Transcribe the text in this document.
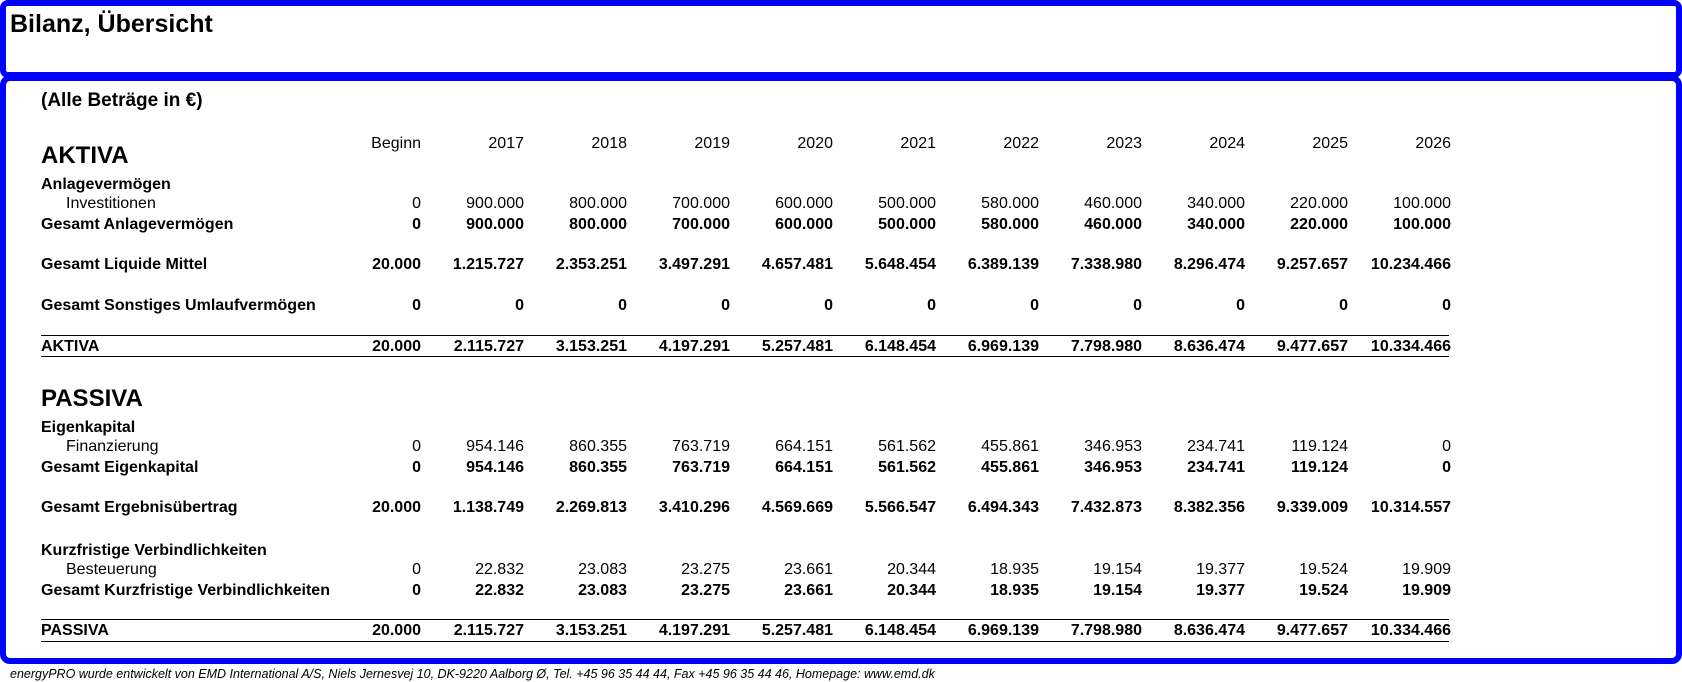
Bilanz, Übersicht
(Alle Beträge in €)
Beginn	2017	2018	2019	2020	2021	2022	2023	2024	2025	2026
AKTIVA
Anlagevermögen
Investitionen	0	900.000	800.000	700.000	600.000	500.000	580.000	460.000	340.000	220.000	100.000
Gesamt Anlagevermögen	0	900.000	800.000	700.000	600.000	500.000	580.000	460.000	340.000	220.000	100.000
Gesamt Liquide Mittel	20.000	1.215.727	2.353.251	3.497.291	4.657.481	5.648.454	6.389.139	7.338.980	8.296.474	9.257.657	10.234.466
Gesamt Sonstiges Umlaufvermögen	0	0	0	0	0	0	0	0	0	0	0
AKTIVA	20.000	2.115.727	3.153.251	4.197.291	5.257.481	6.148.454	6.969.139	7.798.980	8.636.474	9.477.657	10.334.466
PASSIVA
Eigenkapital
Finanzierung	0	954.146	860.355	763.719	664.151	561.562	455.861	346.953	234.741	119.124	0
Gesamt Eigenkapital	0	954.146	860.355	763.719	664.151	561.562	455.861	346.953	234.741	119.124	0
Gesamt Ergebnisübertrag	20.000	1.138.749	2.269.813	3.410.296	4.569.669	5.566.547	6.494.343	7.432.873	8.382.356	9.339.009	10.314.557
Kurzfristige Verbindlichkeiten
Besteuerung	0	22.832	23.083	23.275	23.661	20.344	18.935	19.154	19.377	19.524	19.909
Gesamt Kurzfristige Verbindlichkeiten	0	22.832	23.083	23.275	23.661	20.344	18.935	19.154	19.377	19.524	19.909
PASSIVA	20.000	2.115.727	3.153.251	4.197.291	5.257.481	6.148.454	6.969.139	7.798.980	8.636.474	9.477.657	10.334.466
energyPRO wurde entwickelt von EMD International A/S, Niels Jernesvej 10, DK-9220 Aalborg Ø, Tel. +45 96 35 44 44, Fax +45 96 35 44 46, Homepage: www.emd.dk
